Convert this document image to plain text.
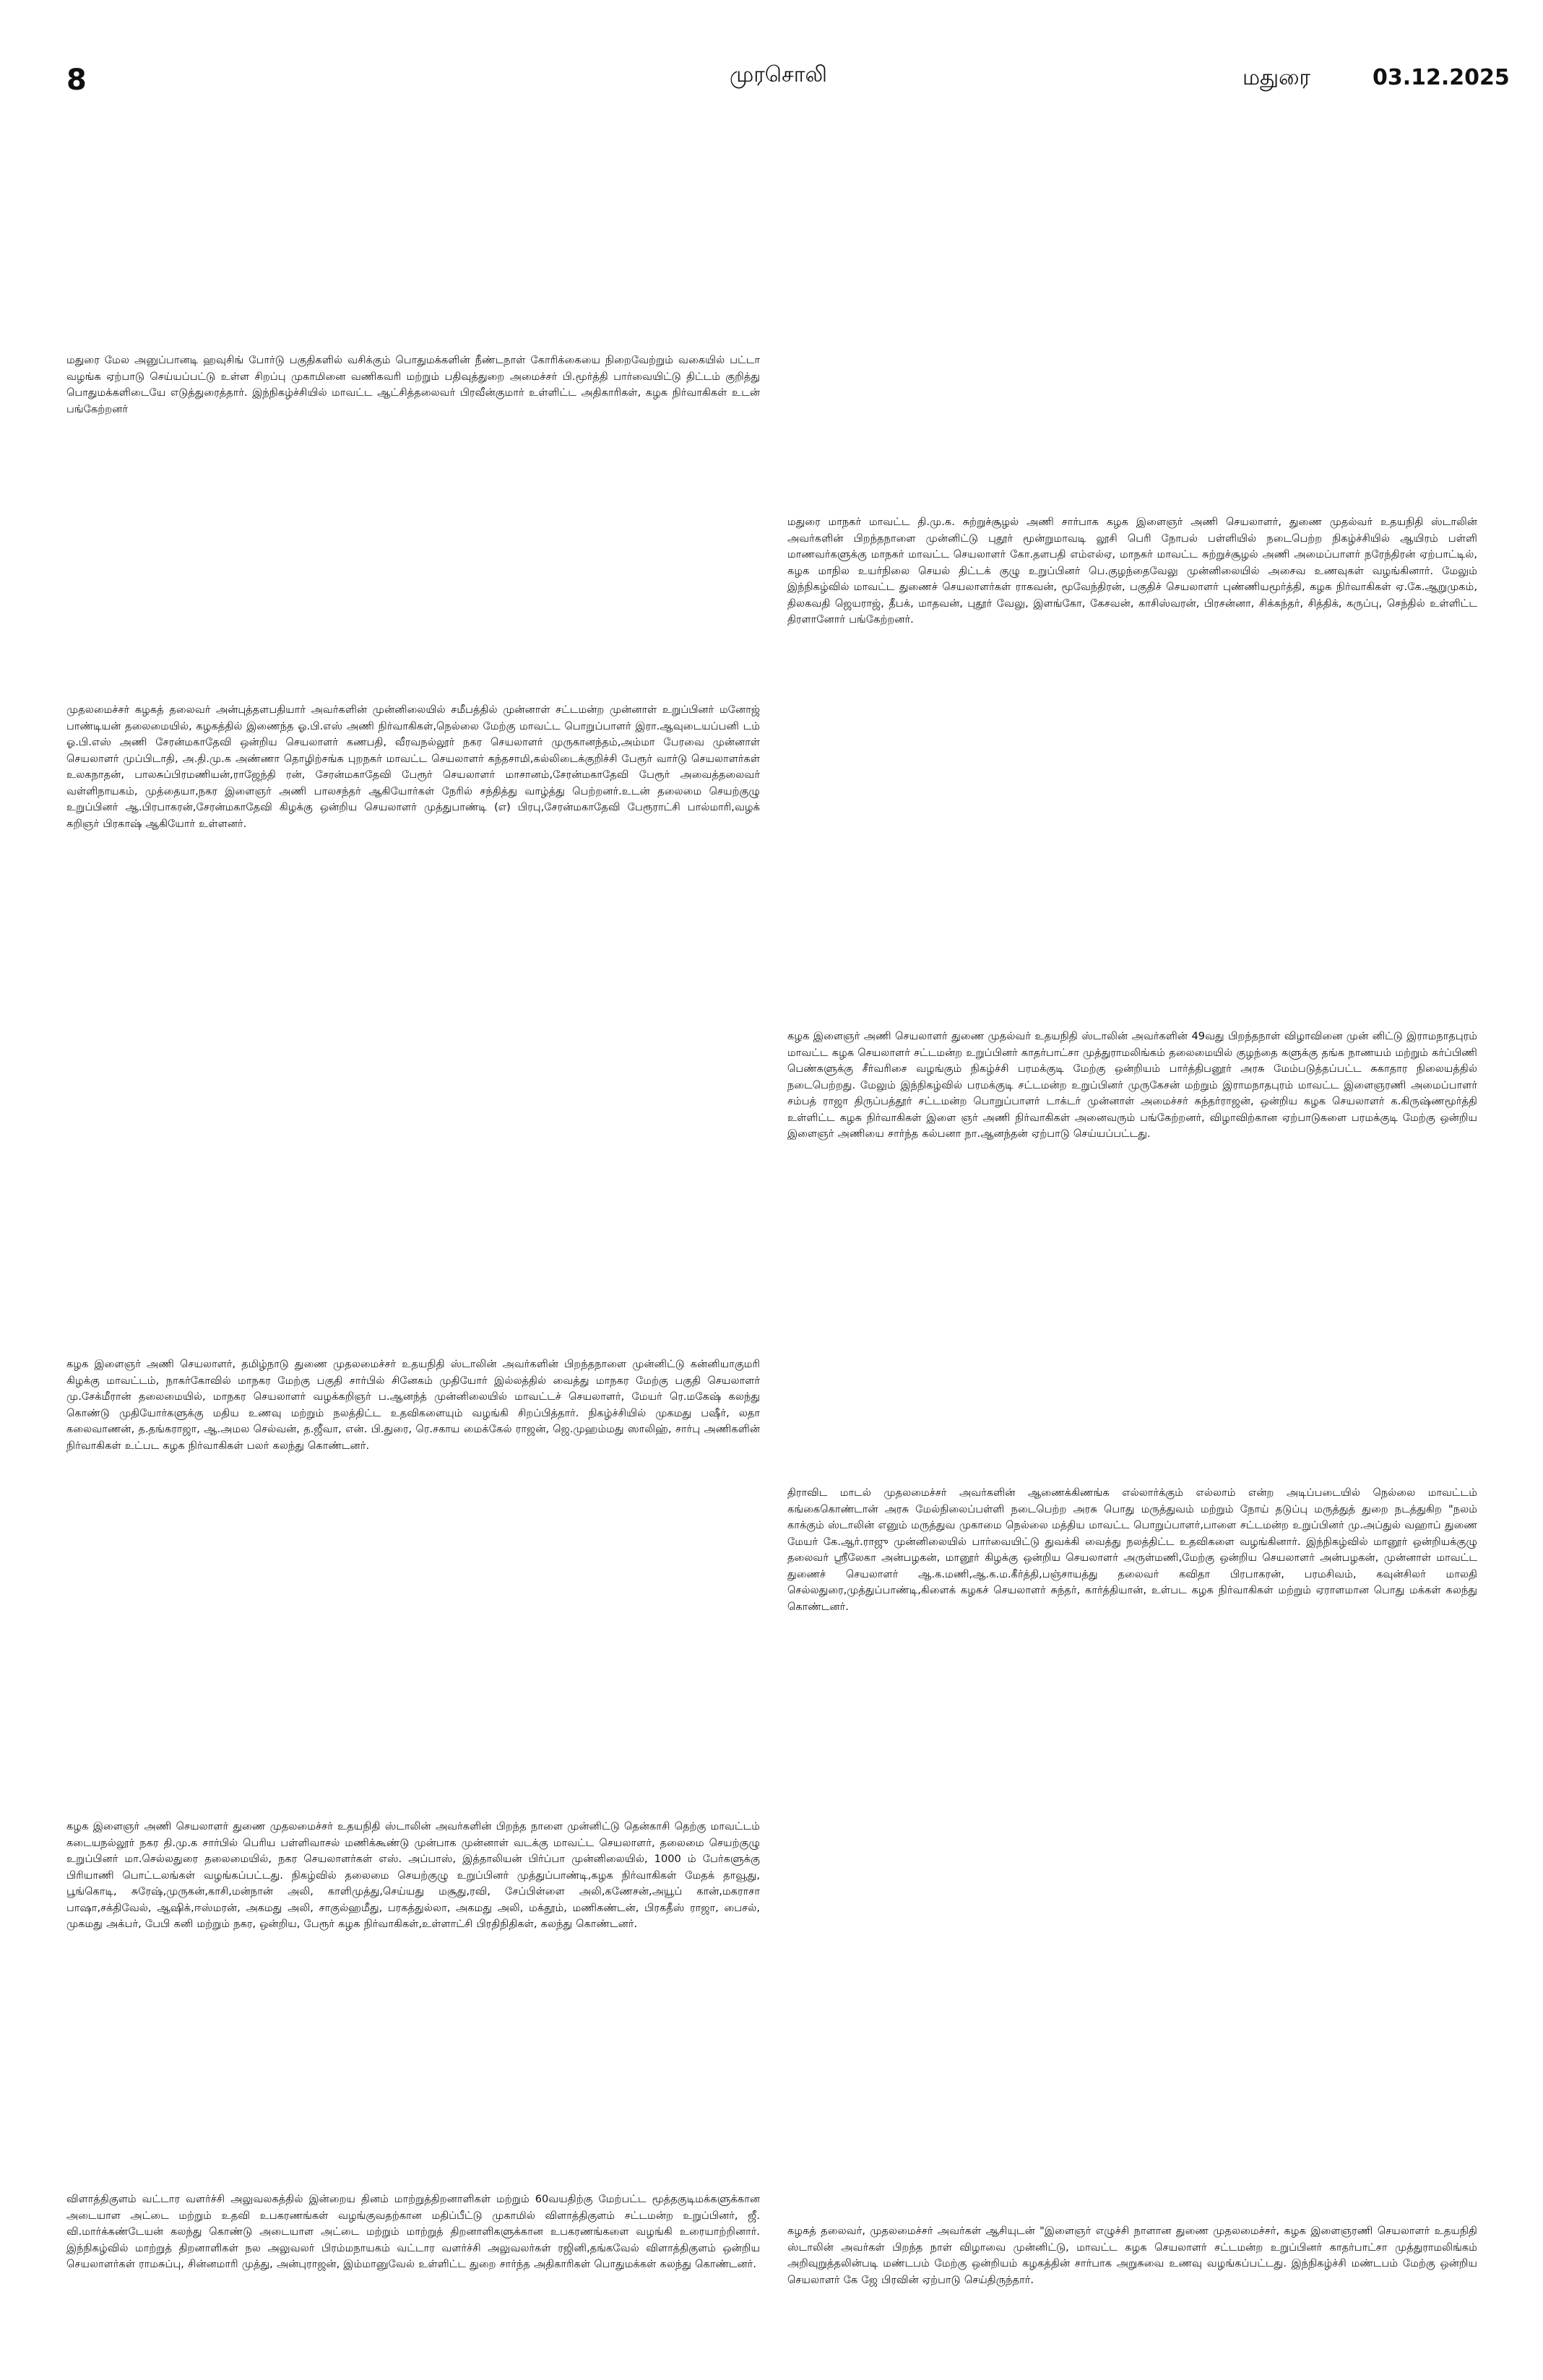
8	முரசொலி	மதுரை	03.12.2025
மதுரை மேல அனுப்பானடி ஹவுசிங் போர்டு பகுதிகளில் வசிக்கும் பொதுமக்களின் நீண்டநாள் கோரிக்கையை நிறைவேற்றும் வகையில் பட்டா வழங்க ஏற்பாடு செய்யப்பட்டு உள்ள சிறப்பு முகாமினை வணிகவரி மற்றும் பதிவுத்துறை அமைச்சர் பி.மூர்த்தி பார்வையிட்டு திட்டம் குறித்து பொதுமக்களிடையே எடுத்துரைத்தார். இந்நிகழ்ச்சியில் மாவட்ட ஆட்சித்தலைவர் பிரவீன்குமார் உள்ளிட்ட அதிகாரிகள், கழக நிர்வாகிகள் உடன் பங்கேற்றனர்
மதுரை மாநகர் மாவட்ட தி.மு.க. சுற்றுச்சூழல் அணி சார்பாக கழக இளைஞர் அணி செயலாளர், துணை முதல்வர் உதயநிதி ஸ்டாலின் அவர்களின் பிறந்தநாளை முன்னிட்டு புதூர் மூன்றுமாவடி லூசி பெரி நோபல் பள்ளியில் நடைபெற்ற நிகழ்ச்சியில் ஆயிரம் பள்ளி மாணவர்களுக்கு மாநகர் மாவட்ட செயலாளர் கோ.தளபதி எம்எல்ஏ, மாநகர் மாவட்ட சுற்றுச்சூழல் அணி அமைப்பாளர் நரேந்திரன் ஏற்பாட்டில், கழக மாநில உயர்நிலை செயல் திட்டக் குழு உறுப்பினர் பெ.குழந்தைவேலு முன்னிலையில் அசைவ உணவுகள் வழங்கினார். மேலும் இந்நிகழ்வில் மாவட்ட துணைச் செயலாளர்கள் ராகவன், மூவேந்திரன், பகுதிச் செயலாளர் புண்ணியமூர்த்தி, கழக நிர்வாகிகள் ஏ.கே.ஆறுமுகம், திலகவதி ஜெயராஜ், தீபக், மாதவன், புதூர் வேலு, இளங்கோ, கேசவன், காசிஸ்வரன், பிரசன்னா, சிக்கந்தர், சித்திக், கருப்பு, செந்தில் உள்ளிட்ட திரளானோர் பங்கேற்றனர்.
முதலமைச்சர் கழகத் தலைவர் அன்புத்தளபதியார் அவர்களின் முன்னிலையில் சமீபத்தில் முன்னாள் சட்டமன்ற முன்னாள் உறுப்பினர் மனோஜ் பாண்டியன் தலைமையில், கழகத்தில் இணைந்த ஓ.பி.எஸ் அணி நிர்வாகிகள்,நெல்லை மேற்கு மாவட்ட பொறுப்பாளர் இரா.ஆவுடையப்பனி டம் ஓ.பி.எஸ் அணி சேரன்மகாதேவி ஒன்றிய செயலாளர் கணபதி, வீரவநல்லூர் நகர செயலாளர் முருகானந்தம்,அம்மா பேரவை முன்னாள் செயலாளர் முப்பிடாதி, அ.தி.மு.க அண்ணா தொழிற்சங்க புறநகர் மாவட்ட செயலாளர் கந்தசாமி,கல்லிடைக்குறிச்சி பேரூர் வார்டு செயலாளர்கள் உலகநாதன், பாலசுப்பிரமணியன்,ராஜேந்தி ரன், சேரன்மகாதேவி பேரூர் செயலாளர் மாசானம்,சேரன்மகாதேவி பேரூர் அவைத்தலைவர் வள்ளிநாயகம், முத்தையா,நகர இளைஞர் அணி பாலசந்தர் ஆகியோர்கள் நேரில் சந்தித்து வாழ்த்து பெற்றனர்.உடன் தலைமை செயற்குழு உறுப்பினர் ஆ.பிரபாகரன்,சேரன்மகாதேவி கிழக்கு ஒன்றிய செயலாளர் முத்துபாண்டி (எ) பிரபு,சேரன்மகாதேவி பேரூராட்சி பால்மாரி,வழக் கறிஞர் பிரகாஷ் ஆகியோர் உள்ளனர்.
கழக இளைஞர் அணி செயலாளர் துணை முதல்வர் உதயநிதி ஸ்டாலின் அவர்களின் 49வது பிறந்தநாள் விழாவினை முன் னிட்டு இராமநாதபுரம் மாவட்ட கழக செயலாளர் சட்டமன்ற உறுப்பினர் காதர்பாட்சா முத்துராமலிங்கம் தலைமையில் குழந்தை களுக்கு தங்க நாணயம் மற்றும் கர்ப்பிணி பெண்களுக்கு சீர்வரிசை வழங்கும் நிகழ்ச்சி பரமக்குடி மேற்கு ஒன்றியம் பார்த்திபனூர் அரசு மேம்படுத்தப்பட்ட சுகாதார நிலையத்தில் நடைபெற்றது. மேலும் இந்நிகழ்வில் பரமக்குடி சட்டமன்ற உறுப்பினர் முருகேசன் மற்றும் இராமநாதபுரம் மாவட்ட இளைஞரணி அமைப்பாளர் சம்பத் ராஜா திருப்பத்தூர் சட்டமன்ற பொறுப்பாளர் டாக்டர் முன்னாள் அமைச்சர் சுந்தர்ராஜன், ஒன்றிய கழக செயலாளர் க.கிருஷ்ணமூர்த்தி உள்ளிட்ட கழக நிர்வாகிகள் இளை ஞர் அணி நிர்வாகிகள் அனைவரும் பங்கேற்றனர், விழாவிற்கான ஏற்பாடுகளை பரமக்குடி மேற்கு ஒன்றிய இளைஞர் அணியை சார்ந்த கல்பனா நா.ஆனந்தன் ஏற்பாடு செய்யப்பட்டது.
கழக இளைஞர் அணி செயலாளர், தமிழ்நாடு துணை முதலமைச்சர் உதயநிதி ஸ்டாலின் அவர்களின் பிறந்தநாளை முன்னிட்டு கன்னியாகுமரி கிழக்கு மாவட்டம், நாகர்கோவில் மாநகர மேற்கு பகுதி சார்பில் சினேகம் முதியோர் இல்லத்தில் வைத்து மாநகர மேற்கு பகுதி செயலாளர் மு.சேக்மீரான் தலைமையில், மாநகர செயலாளர் வழக்கறிஞர் ப.ஆனந்த் முன்னிலையில் மாவட்டச் செயலாளர், மேயர் ரெ.மகேஷ் கலந்து கொண்டு முதியோர்களுக்கு மதிய உணவு மற்றும் நலத்திட்ட உதவிகளையும் வழங்கி சிறப்பித்தார். நிகழ்ச்சியில் முகமது பஷீர், லதா கலைவாணன், த.தங்கராஜா, ஆ.அமல செல்வன், த.ஜீவா, என். பி.துரை, ரெ.சகாய மைக்கேல் ராஜன், ஜெ.முஹம்மது ஸாலிஹ், சார்பு அணிகளின் நிர்வாகிகள் உட்பட கழக நிர்வாகிகள் பலர் கலந்து கொண்டனர்.
திராவிட மாடல் முதலமைச்சர் அவர்களின் ஆணைக்கிணங்க எல்லார்க்கும் எல்லாம் என்ற அடிப்படையில் நெல்லை மாவட்டம் கங்கைகொண்டான் அரசு மேல்நிலைப்பள்ளி நடைபெற்ற அரசு பொது மருத்துவம் மற்றும் நோய் தடுப்பு மருத்துத் துறை நடத்துகிற "நலம் காக்கும் ஸ்டாலின் எனும் மருத்துவ முகாமை நெல்லை மத்திய மாவட்ட பொறுப்பாளர்,பாளை சட்டமன்ற உறுப்பினர் மு.அப்துல் வஹாப் துணை மேயர் கே.ஆர்.ராஜு முன்னிலையில் பார்வையிட்டு துவக்கி வைத்து நலத்திட்ட உதவிகளை வழங்கினார். இந்நிகழ்வில் மானூர் ஒன்றியக்குழு தலைவர் ஸ்ரீலேகா அன்பழகன், மானூர் கிழக்கு ஒன்றிய செயலாளர் அருள்மணி,மேற்கு ஒன்றிய செயலாளர் அன்பழகன், முன்னாள் மாவட்ட துணைச் செயலாளர் ஆ.க.மணி,ஆ.க.ம.கீர்த்தி,பஞ்சாயத்து தலைவர் கவிதா பிரபாகரன், பரமசிவம், கவுன்சிலர் மாலதி செல்லதுரை,முத்துப்பாண்டி,கிளைக் கழகச் செயலாளர் சுந்தர், கார்த்தியான், உள்பட கழக நிர்வாகிகள் மற்றும் ஏராளமான பொது மக்கள் கலந்து கொண்டனர்.
கழக இளைஞர் அணி செயலாளர் துணை முதலமைச்சர் உதயநிதி ஸ்டாலின் அவர்களின் பிறந்த நாளை முன்னிட்டு தென்காசி தெற்கு மாவட்டம் கடையநல்லூர் நகர தி.மு.க சார்பில் பெரிய பள்ளிவாசல் மணிக்கூண்டு முன்பாக முன்னாள் வடக்கு மாவட்ட செயலாளர், தலைமை செயற்குழு உறுப்பினர் மா.செல்லதுரை தலைமையில், நகர செயலாளர்கள் எஸ். அப்பாஸ், இத்தாலியன் பிர்ப்பா முன்னிலையில், 1000 ம் பேர்களுக்கு பிரியாணி பொட்டலங்கள் வழங்கப்பட்டது. நிகழ்வில் தலைமை செயற்குழு உறுப்பினர் முத்துப்பாண்டி,கழக நிர்வாகிகள் மேதக் தாவூது, பூங்கொடி, சுரேஷ்,முருகன்,காசி,மன்நான் அலி, காளிமுத்து,செய்யது மசூது,ரவி, சேப்பிள்ளை அலி,கணேசன்,அயூப் கான்,மகராசா பாஷா,சக்திவேல், ஆஷிக்,ஈஸ்மரன், அகமது அலி, சாகுல்ஹமீது, பரகத்துல்லா, அகமது அலி, மக்தூம், மணிகண்டன், பிரகதீஸ் ராஜா, பைசல், முகமது அக்பர், பேபி கனி மற்றும் நகர, ஒன்றிய, பேரூர் கழக நிர்வாகிகள்,உள்ளாட்சி பிரதிநிதிகள், கலந்து கொண்டனர்.
விளாத்திகுளம் வட்டார வளர்ச்சி அலுவலகத்தில் இன்றைய தினம் மாற்றுத்திறனாளிகள் மற்றும் 60வயதிற்கு மேற்பட்ட மூத்தகுடிமக்களுக்கான அடையாள அட்டை மற்றும் உதவி உபகரணங்கள் வழங்குவதற்கான மதிப்பீட்டு முகாமில் விளாத்திகுளம் சட்டமன்ற உறுப்பினர், ஜீ. வி.மார்க்கண்டேயன் கலந்து கொண்டு அடையாள அட்டை மற்றும் மாற்றுத் திறனாளிகளுக்கான உபகரணங்களை வழங்கி உரையாற்றினார். இந்நிகழ்வில் மாற்றுத் திறனாளிகள் நல அலுவலர் பிரம்மநாயகம் வட்டார வளர்ச்சி அலுவலர்கள் ரஜினி,தங்கவேல் விளாத்திகுளம் ஒன்றிய செயலாளர்கள் ராமசுப்பு, சின்னமாரி முத்து, அன்புராஜன், இம்மானுவேல் உள்ளிட்ட துறை சார்ந்த அதிகாரிகள் பொதுமக்கள் கலந்து கொண்டனர்.
கழகத் தலைவர், முதலமைச்சர் அவர்கள் ஆசியுடன் "இளைஞர் எழுச்சி நாளான துணை முதலமைச்சர், கழக இளைஞரணி செயலாளர் உதயநிதி ஸ்டாலின் அவர்கள் பிறந்த நாள் விழாவை முன்னிட்டு, மாவட்ட கழக செயலாளர் சட்டமன்ற உறுப்பினர் காதர்பாட்சா முத்துராமலிங்கம் அறிவுறுத்தலின்படி மண்டபம் மேற்கு ஒன்றியம் கழகத்தின் சார்பாக அறுசுவை உணவு வழங்கப்பட்டது. இந்நிகழ்ச்சி மண்டபம் மேற்கு ஒன்றிய செயலாளர் கே ஜே பிரவின் ஏற்பாடு செய்திருந்தார்.
